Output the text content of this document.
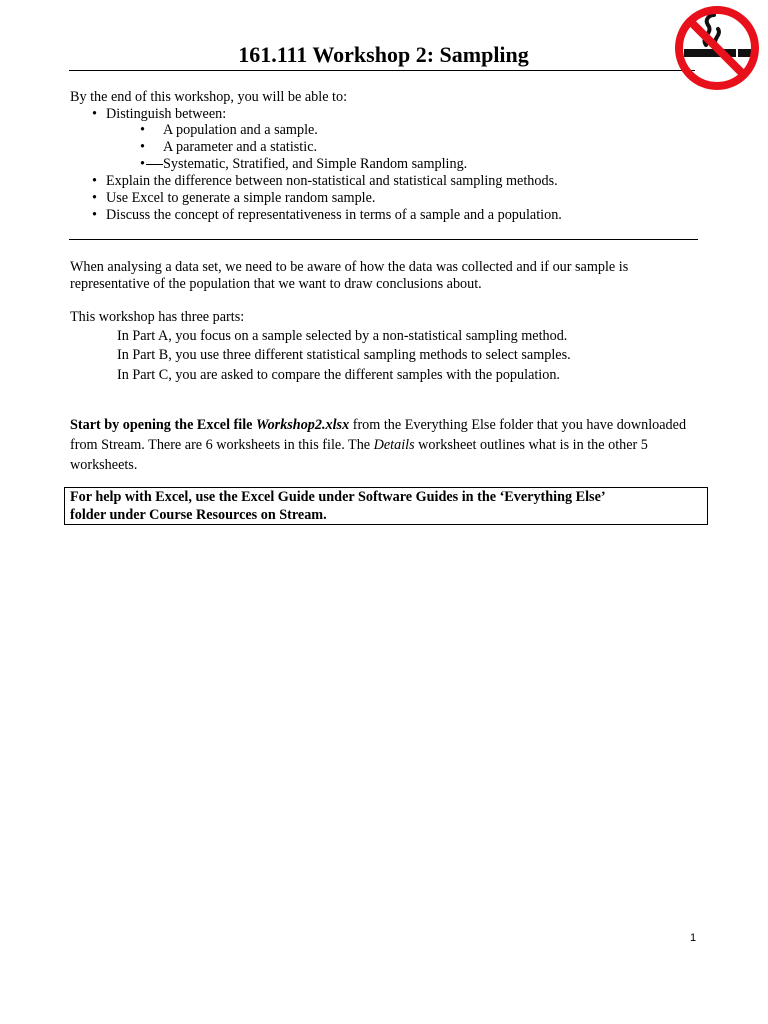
161.111 Workshop 2: Sampling

By the end of this workshop, you will be able to:

• Distinguish between:
• A population and a sample.
• A parameter and a statistic.
• Systematic, Stratified, and Simple Random sampling.
• Explain the difference between non-statistical and statistical sampling methods.
• Use Excel to generate a simple random sample.
• Discuss the concept of representativeness in terms of a sample and a population.

When analysing a data set, we need to be aware of how the data was collected and if our sample is

representative of the population that we want to draw conclusions about.

This workshop has three parts:

In Part A, you focus on a sample selected by a non-statistical sampling method.

In Part B, you use three different statistical sampling methods to select samples.

In Part C, you are asked to compare the different samples with the population.

Start by opening the Excel file Workshop2.xlsx from the Everything Else folder that you have downloaded from Stream. There are 6 worksheets in this file. The Details worksheet outlines what is in the other 5 worksheets.

For help with Excel, use the Excel Guide under Software Guides in the ‘Everything Else’

folder under Course Resources on Stream.

1
